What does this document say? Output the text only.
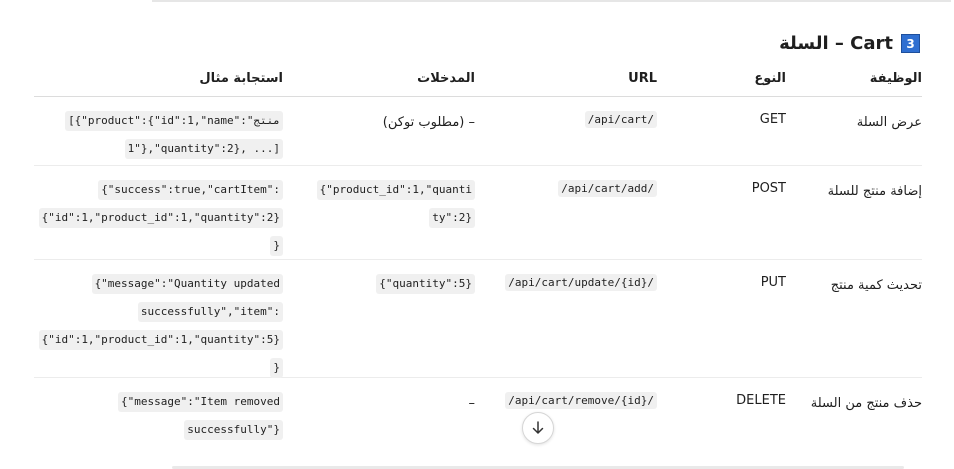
3
Cart – السلة
الوظيفة
النوع
URL
المدخلات
استجابة مثال
عرض السلة
GET
/api/cart/
– (مطلوب توكن)
[{"product":{"id":1,"name":"منتج
1"},"quantity":2}, ...]
إضافة منتج للسلة
POST
/api/cart/add/
{"product_id":1,"quanti
ty":2}
{"success":true,"cartItem":
{"id":1,"product_id":1,"quantity":2}
}
تحديث كمية منتج
PUT
/api/cart/update/{id}/
{"quantity":5}
{"message":"Quantity updated
successfully","item":
{"id":1,"product_id":1,"quantity":5}
}
حذف منتج من السلة
DELETE
/api/cart/remove/{id}/
–
{"message":"Item removed
successfully"}
